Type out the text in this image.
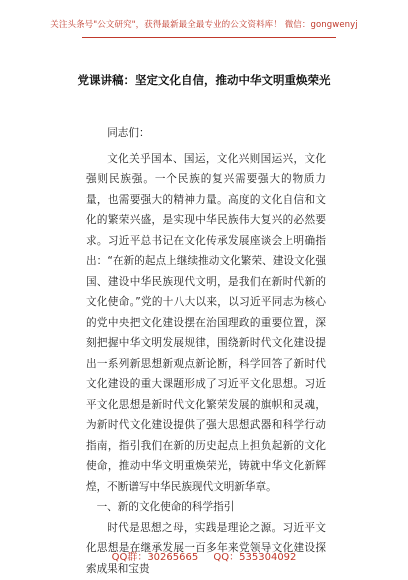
关注头条号"公文研究"，获得最新最全最专业的公文资料库！ 微信：gongwenyj
党课讲稿：坚定文化自信，推动中华文明重焕荣光

同志们：

文化关乎国本、国运，文化兴则国运兴，文化强则民族强。一个民族的复兴需要强大的物质力量，也需要强大的精神力量。高度的文化自信和文化的繁荣兴盛，是实现中华民族伟大复兴的必然要求。习近平总书记在文化传承发展座谈会上明确指出：“在新的起点上继续推动文化繁荣、建设文化强国、建设中华民族现代文明，是我们在新时代新的文化使命。”党的十八大以来，以习近平同志为核心的党中央把文化建设摆在治国理政的重要位置，深刻把握中华文明发展规律，围绕新时代文化建设提出一系列新思想新观点新论断，科学回答了新时代文化建设的重大课题形成了习近平文化思想。习近平文化思想是新时代文化繁荣发展的旗帜和灵魂，为新时代文化建设提供了强大思想武器和科学行动指南，指引我们在新的历史起点上担负起新的文化使命，推动中华文明重焕荣光，铸就中华文化新辉煌，不断谱写中华民族现代文明新华章。

一、新的文化使命的科学指引

时代是思想之母，实践是理论之源。习近平文化思想是在继承发展一百多年来党领导文化建设探索成果和宝贵

QQ群：30265665 QQ：535304092
